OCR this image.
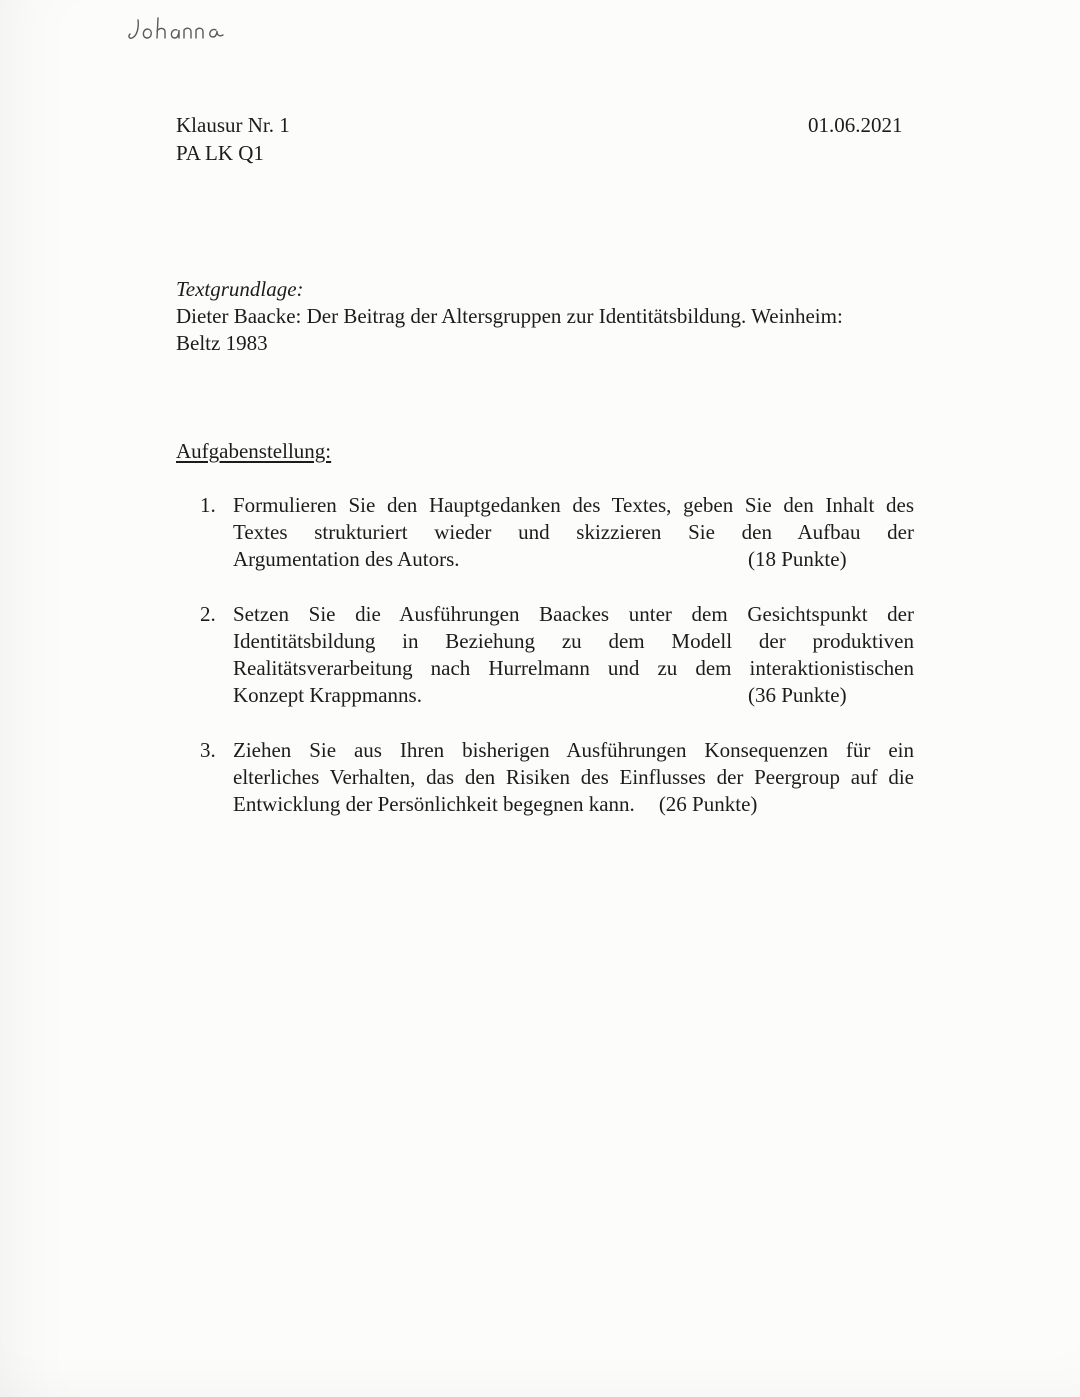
Klausur Nr. 1
PA LK Q1
01.06.2021
Textgrundlage:
Dieter Baacke: Der Beitrag der Altersgruppen zur Identitätsbildung. Weinheim:
Beltz 1983
Aufgabenstellung:
1. Formulieren Sie den Hauptgedanken des Textes, geben Sie den Inhalt des
Textes strukturiert wieder und skizzieren Sie den Aufbau der
Argumentation des Autors.	(18 Punkte)
2. Setzen Sie die Ausführungen Baackes unter dem Gesichtspunkt der
Identitätsbildung in Beziehung zu dem Modell der produktiven
Realitätsverarbeitung nach Hurrelmann und zu dem interaktionistischen
Konzept Krappmanns.	(36 Punkte)
3. Ziehen Sie aus Ihren bisherigen Ausführungen Konsequenzen für ein
elterliches Verhalten, das den Risiken des Einflusses der Peergroup auf die
Entwicklung der Persönlichkeit begegnen kann. (26 Punkte)
